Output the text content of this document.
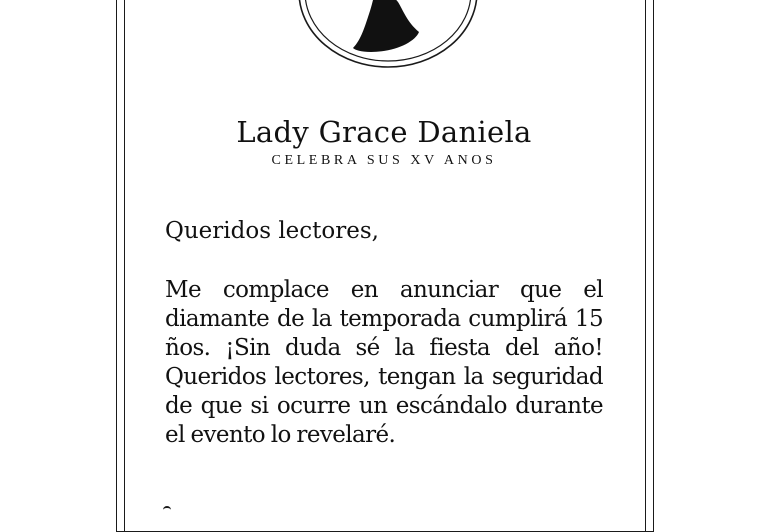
Lady Grace Daniela
CELEBRA SUS XV ANOS
Queridos lectores,
Me complace en anunciar que el diamante de la temporada cumplirá 15 ños. ¡Sin duda sé la fiesta del año! Queridos lectores, tengan la seguridad de que si ocurre un escándalo durante el evento lo revelaré.
